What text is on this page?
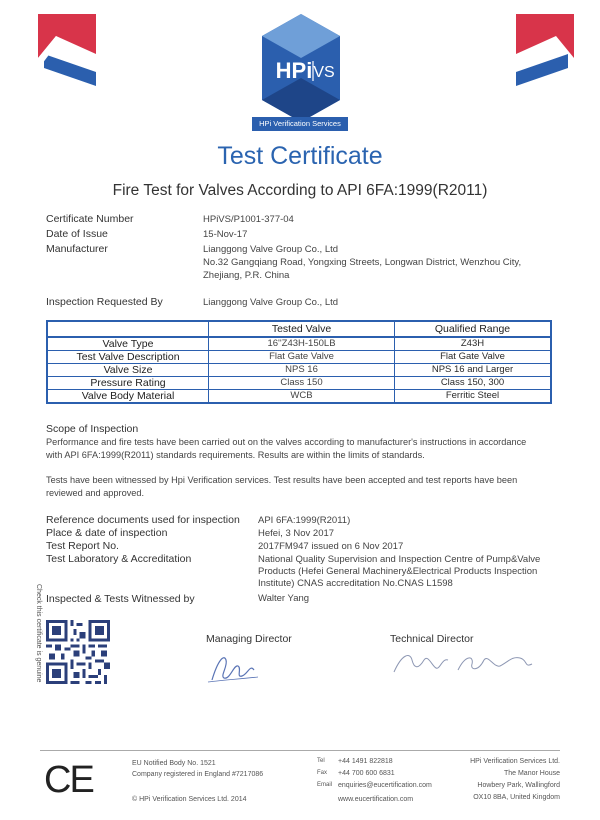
HPi VS
HPi Verification Services
Test Certificate
Fire Test for Valves According to API 6FA:1999(R2011)
Certificate Number	HPiVS/P1001-377-04
Date of Issue	15-Nov-17
Manufacturer	Lianggong Valve Group Co., Ltd
No.32 Gangqiang Road, Yongxing Streets, Longwan District, Wenzhou City,
Zhejiang, P.R. China
Inspection Requested By	Lianggong Valve Group Co., Ltd
	Tested Valve	Qualified Range
Valve Type	16''Z43H-150LB	Z43H
Test Valve Description	Flat Gate Valve	Flat Gate Valve
Valve Size	NPS 16	NPS 16 and Larger
Pressure Rating	Class 150	Class 150, 300
Valve Body Material	WCB	Ferritic Steel
Scope of Inspection
Performance and fire tests have been carried out on the valves according to manufacturer's instructions in accordance
with API 6FA:1999(R2011) standards requirements. Results are within the limits of standards.
Tests have been witnessed by Hpi Verification services. Test results have been accepted and test reports have been
reviewed and approved.
Reference documents used for inspection API 6FA:1999(R2011)
Place & date of inspection	Hefei, 3 Nov 2017
Test Report No.	2017FM947 issued on 6 Nov 2017
Test Laboratory & Accreditation	National Quality Supervision and Inspection Centre of Pump&Valve
Products (Hefei General Machinery&Electrical Products Inspection
Institute) CNAS accreditation No.CNAS L1598
Inspected & Tests Witnessed by	Walter Yang
Check this certificate is genuine	Managing Director	Technical Director
CE	EU Notified Body No. 1521
Company registered in England #7217086
© HPi Verification Services Ltd. 2014
Tel +44 1491 822818
Fax +44 700 600 6831
Email enquiries@eucertification.com
www.eucertification.com
HPi Verification Services Ltd.
The Manor House
Howbery Park, Wallingford
OX10 8BA, United Kingdom
